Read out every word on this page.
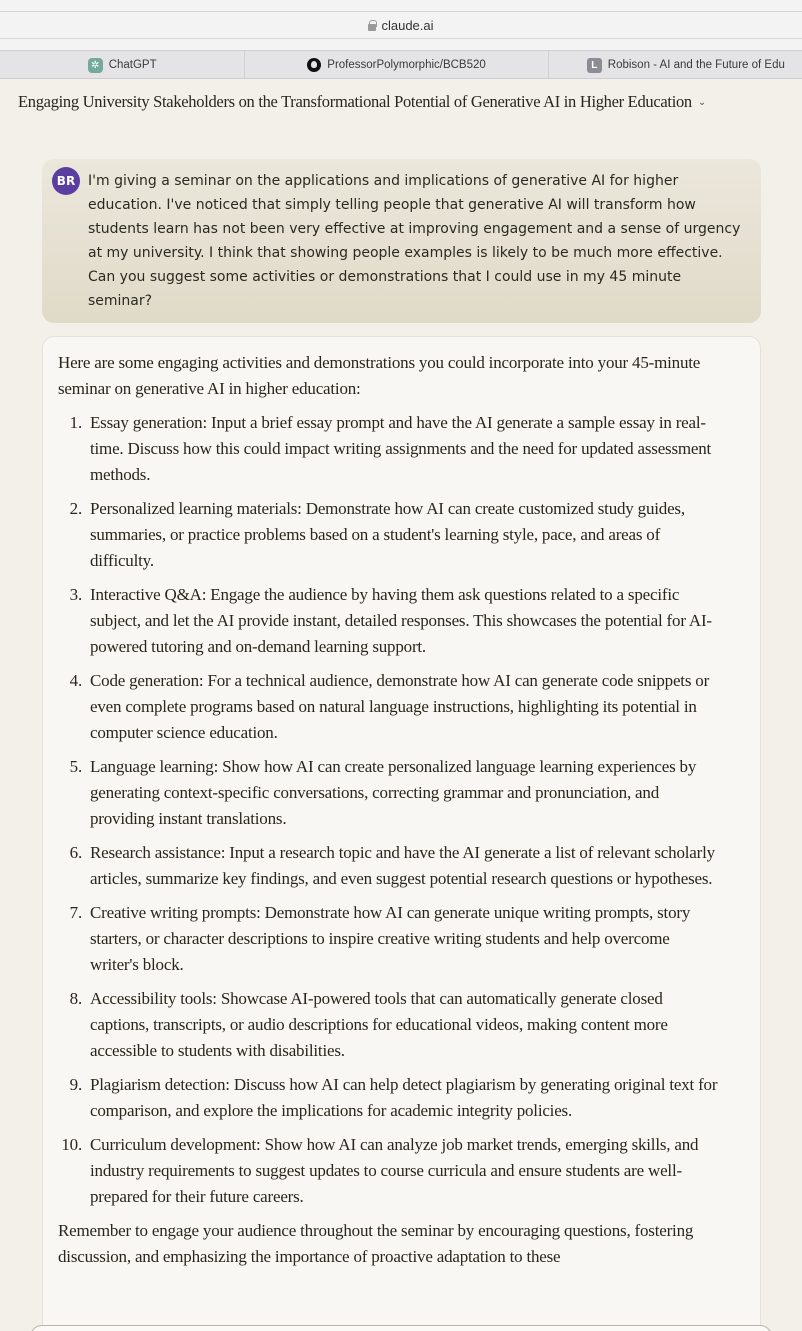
claude.ai
✲ ChatGPT	ProfessorPolymorphic/BCB520	L Robison - AI and the Future of Edu
Engaging University Stakeholders on the Transformational Potential of Generative AI in Higher Education ⌄
BR I'm giving a seminar on the applications and implications of generative AI for higher education. I've noticed that simply telling people that generative AI will transform how students learn has not been very effective at improving engagement and a sense of urgency at my university. I think that showing people examples is likely to be much more effective. Can you suggest some activities or demonstrations that I could use in my 45 minute seminar?

Here are some engaging activities and demonstrations you could incorporate into your 45-minute seminar on generative AI in higher education:

1. Essay generation: Input a brief essay prompt and have the AI generate a sample essay in real-time. Discuss how this could impact writing assignments and the need for updated assessment methods.
2. Personalized learning materials: Demonstrate how AI can create customized study guides, summaries, or practice problems based on a student's learning style, pace, and areas of difficulty.
3. Interactive Q&A: Engage the audience by having them ask questions related to a specific subject, and let the AI provide instant, detailed responses. This showcases the potential for AI-powered tutoring and on-demand learning support.
4. Code generation: For a technical audience, demonstrate how AI can generate code snippets or even complete programs based on natural language instructions, highlighting its potential in computer science education.
5. Language learning: Show how AI can create personalized language learning experiences by generating context-specific conversations, correcting grammar and pronunciation, and providing instant translations.
6. Research assistance: Input a research topic and have the AI generate a list of relevant scholarly articles, summarize key findings, and even suggest potential research questions or hypotheses.
7. Creative writing prompts: Demonstrate how AI can generate unique writing prompts, story starters, or character descriptions to inspire creative writing students and help overcome writer's block.
8. Accessibility tools: Showcase AI-powered tools that can automatically generate closed captions, transcripts, or audio descriptions for educational videos, making content more accessible to students with disabilities.
9. Plagiarism detection: Discuss how AI can help detect plagiarism by generating original text for comparison, and explore the implications for academic integrity policies.
10. Curriculum development: Show how AI can analyze job market trends, emerging skills, and industry requirements to suggest updates to course curricula and ensure students are well-prepared for their future careers.

Remember to engage your audience throughout the seminar by encouraging questions, fostering discussion, and emphasizing the importance of proactive adaptation to these
